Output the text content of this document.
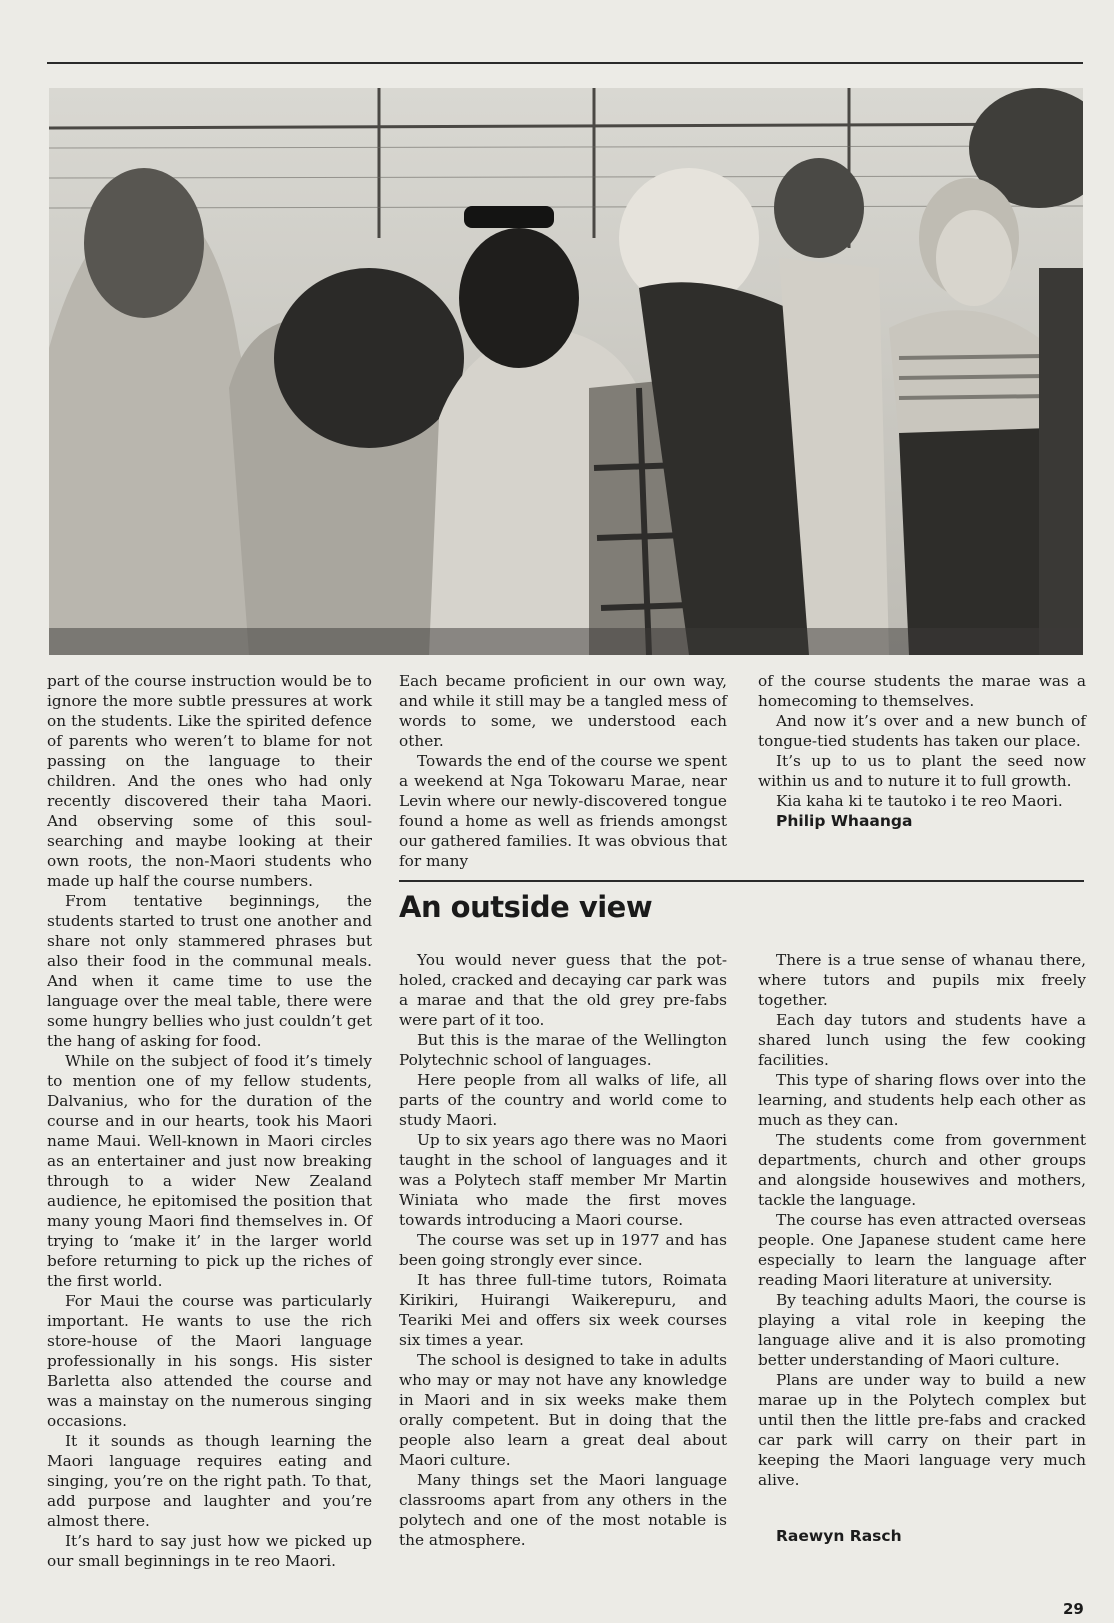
part of the course instruction would be to ignore the more subtle pressures at work on the students. Like the spirited defence of parents who weren’t to blame for not passing on the language to their children. And the ones who had only recently discovered their taha Maori. And observing some of this soul-searching and maybe looking at their own roots, the non-Maori students who made up half the course numbers.

From tentative beginnings, the students started to trust one another and share not only stammered phrases but also their food in the communal meals. And when it came time to use the language over the meal table, there were some hungry bellies who just couldn’t get the hang of asking for food.

While on the subject of food it’s timely to mention one of my fellow students, Dalvanius, who for the duration of the course and in our hearts, took his Maori name Maui. Well-known in Maori circles as an entertainer and just now breaking through to a wider New Zealand audience, he epitomised the position that many young Maori find themselves in. Of trying to ‘make it’ in the larger world before returning to pick up the riches of the first world.

For Maui the course was particularly important. He wants to use the rich store-house of the Maori language professionally in his songs. His sister Barletta also attended the course and was a mainstay on the numerous singing occasions.

It it sounds as though learning the Maori language requires eating and singing, you’re on the right path. To that, add purpose and laughter and you’re almost there.

It’s hard to say just how we picked up our small beginnings in te reo Maori.

Each became proficient in our own way, and while it still may be a tangled mess of words to some, we understood each other.

Towards the end of the course we spent a weekend at Nga Tokowaru Marae, near Levin where our newly-discovered tongue found a home as well as friends amongst our gathered families. It was obvious that for many

of the course students the marae was a homecoming to themselves.

And now it’s over and a new bunch of tongue-tied students has taken our place.

It’s up to us to plant the seed now within us and to nuture it to full growth.

Kia kaha ki te tautoko i te reo Maori.

Philip Whaanga

An outside view

You would never guess that the pot-holed, cracked and decaying car park was a marae and that the old grey pre-fabs were part of it too.

But this is the marae of the Wellington Polytechnic school of languages.

Here people from all walks of life, all parts of the country and world come to study Maori.

Up to six years ago there was no Maori taught in the school of languages and it was a Polytech staff member Mr Martin Winiata who made the first moves towards introducing a Maori course.

The course was set up in 1977 and has been going strongly ever since.

It has three full-time tutors, Roimata Kirikiri, Huirangi Waikerepuru, and Teariki Mei and offers six week courses six times a year.

The school is designed to take in adults who may or may not have any knowledge in Maori and in six weeks make them orally competent. But in doing that the people also learn a great deal about Maori culture.

Many things set the Maori language classrooms apart from any others in the polytech and one of the most notable is the atmosphere.

There is a true sense of whanau there, where tutors and pupils mix freely together.

Each day tutors and students have a shared lunch using the few cooking facilities.

This type of sharing flows over into the learning, and students help each other as much as they can.

The students come from government departments, church and other groups and alongside housewives and mothers, tackle the language.

The course has even attracted overseas people. One Japanese student came here especially to learn the language after reading Maori literature at university.

By teaching adults Maori, the course is playing a vital role in keeping the language alive and it is also promoting better understanding of Maori culture.

Plans are under way to build a new marae up in the Polytech complex but until then the little pre-fabs and cracked car park will carry on their part in keeping the Maori language very much alive.

Raewyn Rasch

29
